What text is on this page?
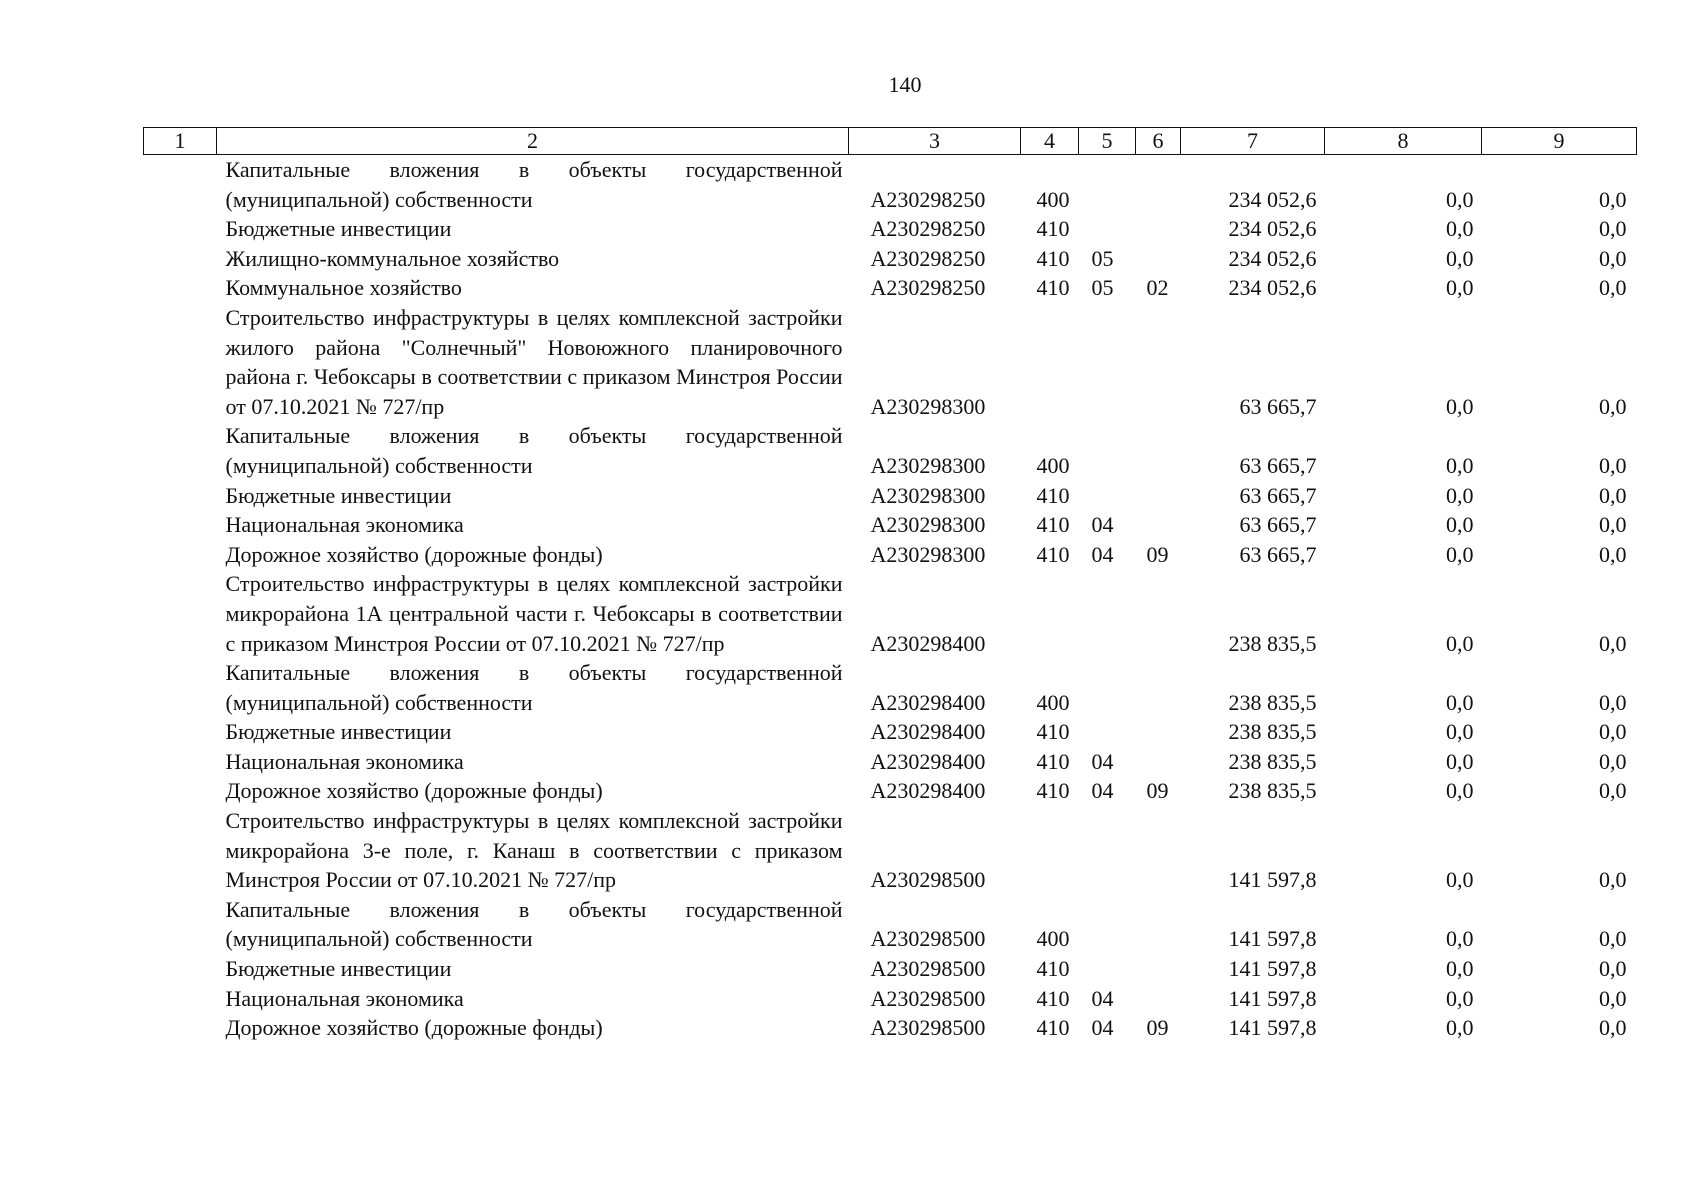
140
1	2	3	4	5	6	7	8	9
	Капитальные вложения в объекты государственной (муниципальной) собственности	А230298250	400			234 052,6	0,0	0,0
	Бюджетные инвестиции	А230298250	410			234 052,6	0,0	0,0
	Жилищно-коммунальное хозяйство	А230298250	410	05		234 052,6	0,0	0,0
	Коммунальное хозяйство	А230298250	410	05	02	234 052,6	0,0	0,0
	Строительство инфраструктуры в целях комплексной застройки жилого района "Солнечный" Новоюжного планировочного района г. Чебоксары в соответствии с приказом Минстроя России от 07.10.2021 № 727/пр	А230298300				63 665,7	0,0	0,0
	Капитальные вложения в объекты государственной (муниципальной) собственности	А230298300	400			63 665,7	0,0	0,0
	Бюджетные инвестиции	А230298300	410			63 665,7	0,0	0,0
	Национальная экономика	А230298300	410	04		63 665,7	0,0	0,0
	Дорожное хозяйство (дорожные фонды)	А230298300	410	04	09	63 665,7	0,0	0,0
	Строительство инфраструктуры в целях комплексной застройки микрорайона 1А центральной части г. Чебоксары в соответствии с приказом Минстроя России от 07.10.2021 № 727/пр	А230298400				238 835,5	0,0	0,0
	Капитальные вложения в объекты государственной (муниципальной) собственности	А230298400	400			238 835,5	0,0	0,0
	Бюджетные инвестиции	А230298400	410			238 835,5	0,0	0,0
	Национальная экономика	А230298400	410	04		238 835,5	0,0	0,0
	Дорожное хозяйство (дорожные фонды)	А230298400	410	04	09	238 835,5	0,0	0,0
	Строительство инфраструктуры в целях комплексной застройки микрорайона 3-е поле, г. Канаш в соответствии с приказом Минстроя России от 07.10.2021 № 727/пр	А230298500				141 597,8	0,0	0,0
	Капитальные вложения в объекты государственной (муниципальной) собственности	А230298500	400			141 597,8	0,0	0,0
	Бюджетные инвестиции	А230298500	410			141 597,8	0,0	0,0
	Национальная экономика	А230298500	410	04		141 597,8	0,0	0,0
	Дорожное хозяйство (дорожные фонды)	А230298500	410	04	09	141 597,8	0,0	0,0
